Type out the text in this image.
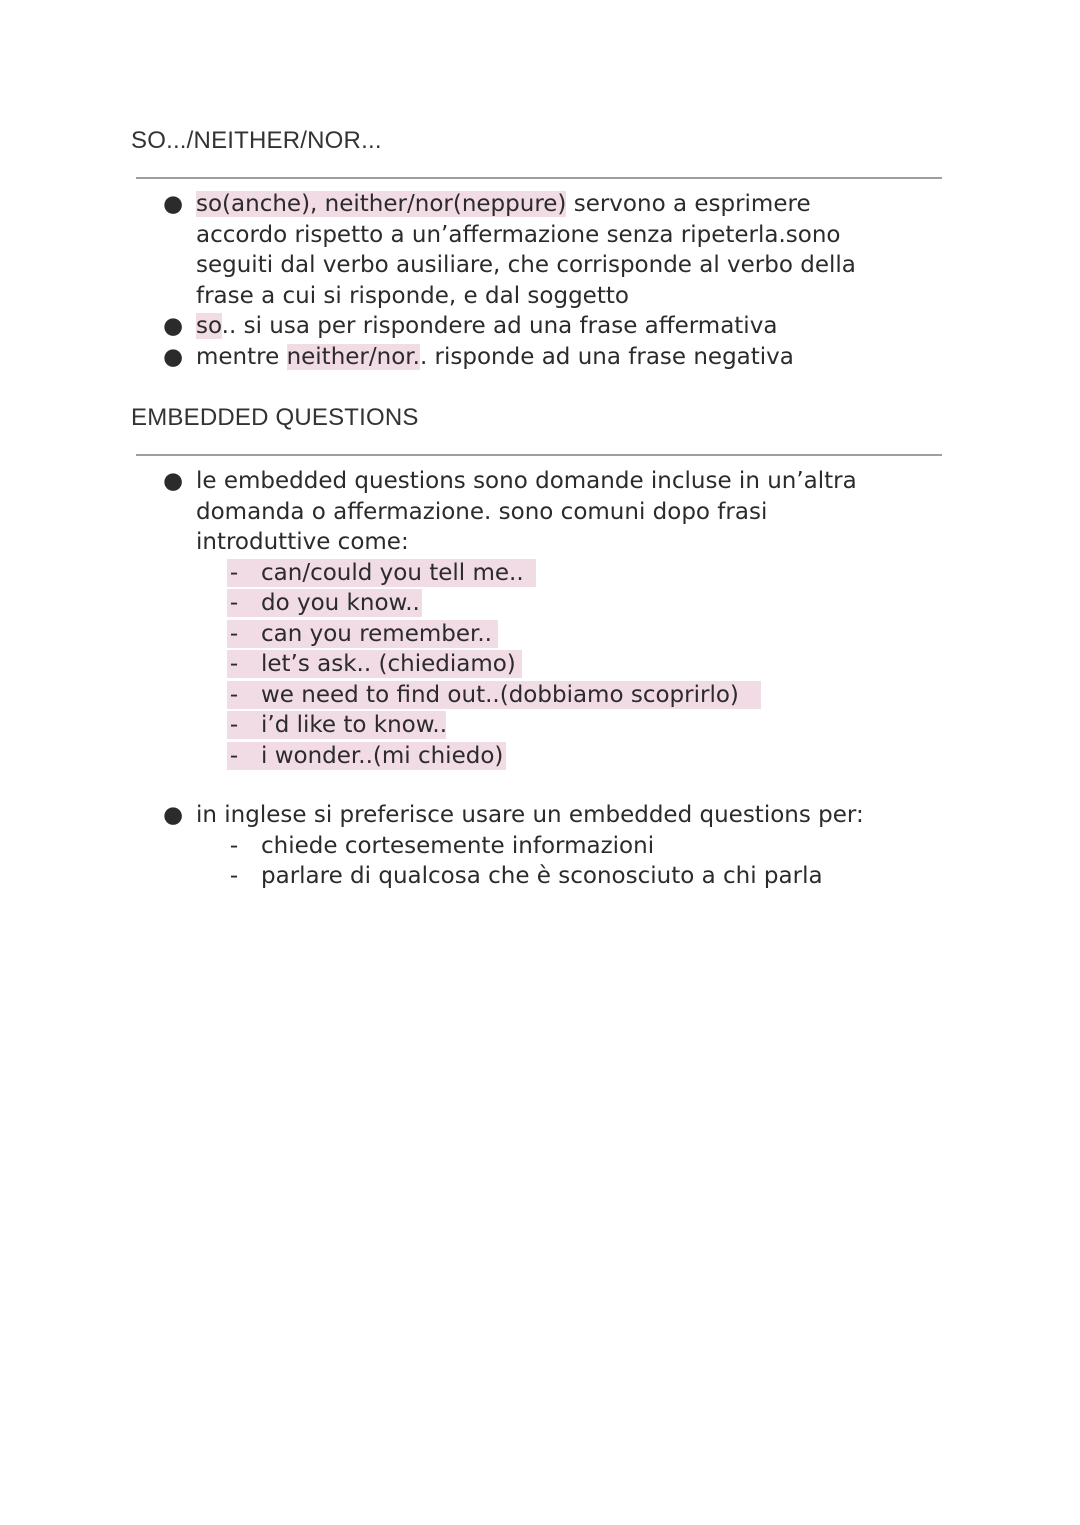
SO.../NEITHER/NOR...
● so(anche), neither/nor(neppure) servono a esprimere
accordo rispetto a un’affermazione senza ripeterla.sono
seguiti dal verbo ausiliare, che corrisponde al verbo della
frase a cui si risponde, e dal soggetto
● so.. si usa per rispondere ad una frase affermativa
● mentre neither/nor.. risponde ad una frase negativa
EMBEDDED QUESTIONS
● le embedded questions sono domande incluse in un’altra
domanda o affermazione. sono comuni dopo frasi
introduttive come:
- can/could you tell me..
- do you know..
- can you remember..
- let’s ask.. (chiediamo)
- we need to find out..(dobbiamo scoprirlo)
- i’d like to know..
- i wonder..(mi chiedo)
● in inglese si preferisce usare un embedded questions per:
- chiede cortesemente informazioni
- parlare di qualcosa che è sconosciuto a chi parla
